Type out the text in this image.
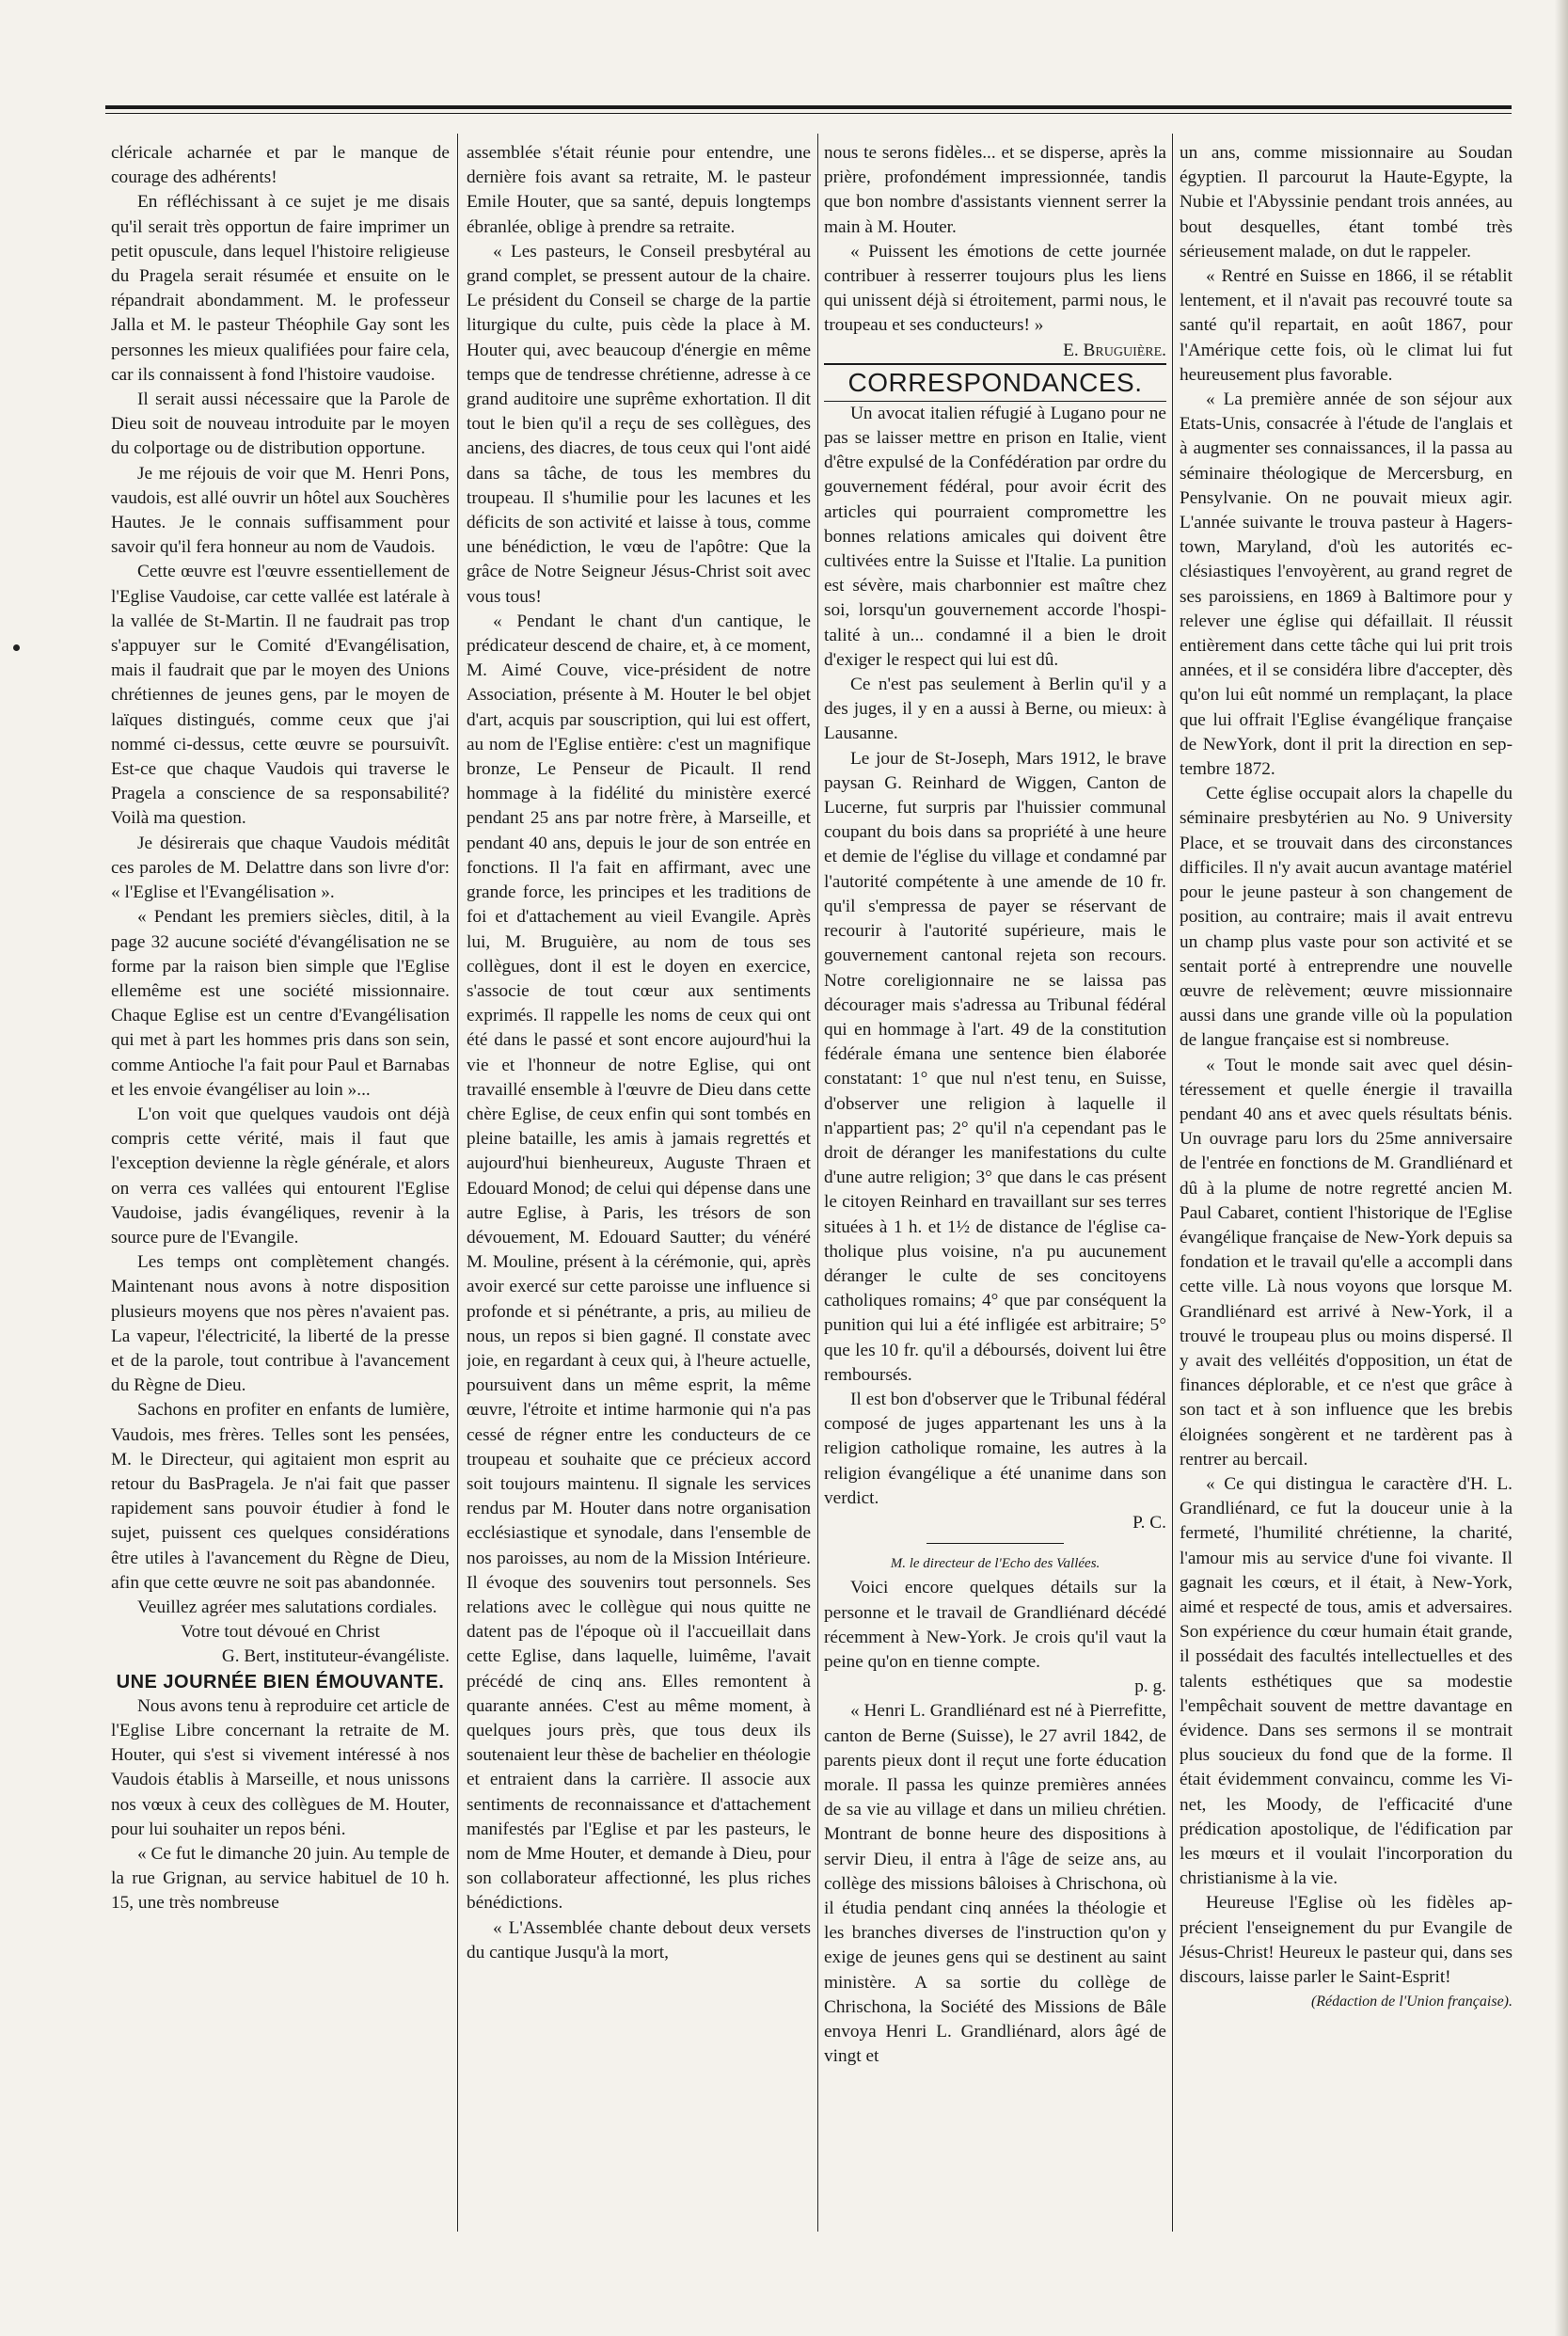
cléricale acharnée et par le manque de courage des adhérents!

En réfléchissant à ce sujet je me disais qu'il serait très opportun de faire imprimer un petit opuscule, dans lequel l'histoire religieuse du Pragela serait résumée et ensuite on le répandrait abondamment. M. le professeur Jalla et M. le pasteur Théophile Gay sont les personnes les mieux qualifiées pour faire cela, car ils connaissent à fond l'histoire vaudoise.

Il serait aussi nécessaire que la Parole de Dieu soit de nouveau introduite par le moyen du colportage ou de distribution opportune.

Je me réjouis de voir que M. Henri Pons, vaudois, est allé ouvrir un hôtel aux Souchères Hautes. Je le connais suffisamment pour savoir qu'il fera honneur au nom de Vaudois.

Cette œuvre est l'œuvre essentiellement de l'Eglise Vaudoise, car cette vallée est latérale à la vallée de St-Martin. Il ne faudrait pas trop s'appuyer sur le Comité d'Evangélisation, mais il faudrait que par le moyen des Unions chrétiennes de jeunes gens, par le moyen de laïques distingués, comme ceux que j'ai nommé ci-dessus, cette œuvre se poursuivît. Est-ce que chaque Vaudois qui traverse le Pragela a conscience de sa responsabilité? Voilà ma question.

Je désirerais que chaque Vaudois méditât ces paroles de M. Delattre dans son livre d'or: « l'Eglise et l'Evangélisation ».

« Pendant les premiers siècles, ditil, à la page 32 aucune société d'évangélisation ne se forme par la raison bien simple que l'Eglise ellemême est une société missionnaire. Chaque Eglise est un centre d'Evangélisation qui met à part les hommes pris dans son sein, comme Antioche l'a fait pour Paul et Barnabas et les envoie évangéliser au loin »...

L'on voit que quelques vaudois ont déjà compris cette vérité, mais il faut que l'exception devienne la règle générale, et alors on verra ces vallées qui entourent l'Eglise Vaudoise, jadis évangéliques, revenir à la source pure de l'Evangile.

Les temps ont complètement changés. Maintenant nous avons à notre disposition plusieurs moyens que nos pères n'avaient pas. La vapeur, l'électricité, la liberté de la presse et de la parole, tout contribue à l'avancement du Règne de Dieu.

Sachons en profiter en enfants de lumière, Vaudois, mes frères. Telles sont les pensées, M. le Directeur, qui agitaient mon esprit au retour du BasPragela. Je n'ai fait que passer rapidement sans pouvoir étudier à fond le sujet, puissent ces quelques considérations être utiles à l'avancement du Règne de Dieu, afin que cette œuvre ne soit pas abandonnée.

Veuillez agréer mes salutations cordiales.

Votre tout dévoué en Christ

G. Bert, instituteur-évangéliste.

UNE JOURNÉE BIEN ÉMOUVANTE.

Nous avons tenu à reproduire cet article de l'Eglise Libre concernant la retraite de M. Houter, qui s'est si vivement intéressé à nos Vaudois établis à Marseille, et nous unissons nos vœux à ceux des collègues de M. Houter, pour lui souhaiter un repos béni.

« Ce fut le dimanche 20 juin. Au temple de la rue Grignan, au service habituel de 10 h. 15, une très nombreuse

assemblée s'était réunie pour entendre, une dernière fois avant sa retraite, M. le pasteur Emile Houter, que sa santé, depuis longtemps ébranlée, oblige à prendre sa retraite.

« Les pasteurs, le Conseil presbytéral au grand complet, se pressent autour de la chaire. Le président du Conseil se charge de la partie liturgique du culte, puis cède la place à M. Houter qui, avec beaucoup d'énergie en même temps que de tendresse chrétienne, adresse à ce grand auditoire une suprême exhortation. Il dit tout le bien qu'il a reçu de ses collègues, des anciens, des diacres, de tous ceux qui l'ont aidé dans sa tâche, de tous les membres du troupeau. Il s'humilie pour les lacunes et les déficits de son activité et laisse à tous, comme une bénédiction, le vœu de l'apôtre: Que la grâce de Notre Seigneur Jésus-Christ soit avec vous tous!

« Pendant le chant d'un cantique, le prédicateur descend de chaire, et, à ce moment, M. Aimé Couve, vice-président de notre Association, présente à M. Houter le bel objet d'art, acquis par souscription, qui lui est offert, au nom de l'Eglise entière: c'est un magnifique bronze, Le Penseur de Picault. Il rend hommage à la fidélité du ministère exercé pendant 25 ans par notre frère, à Marseille, et pendant 40 ans, depuis le jour de son entrée en fonctions. Il l'a fait en affirmant, avec une grande force, les principes et les traditions de foi et d'attachement au vieil Evangile. Après lui, M. Bruguière, au nom de tous ses collègues, dont il est le doyen en exercice, s'associe de tout cœur aux sentiments exprimés. Il rappelle les noms de ceux qui ont été dans le passé et sont encore aujourd'hui la vie et l'honneur de notre Eglise, qui ont travaillé ensemble à l'œuvre de Dieu dans cette chère Eglise, de ceux enfin qui sont tombés en pleine bataille, les amis à jamais regrettés et aujourd'hui bienheureux, Auguste Thraen et Edouard Monod; de celui qui dépense dans une autre Eglise, à Paris, les trésors de son dévouement, M. Edouard Sautter; du vénéré M. Mouline, présent à la cérémonie, qui, après avoir exercé sur cette paroisse une influence si profonde et si pénétrante, a pris, au milieu de nous, un repos si bien gagné. Il constate avec joie, en regardant à ceux qui, à l'heure actuelle, poursuivent dans un même esprit, la même œuvre, l'étroite et intime harmonie qui n'a pas cessé de régner entre les conducteurs de ce troupeau et souhaite que ce précieux accord soit toujours maintenu. Il signale les services rendus par M. Houter dans notre organisation ecclésiastique et synodale, dans l'ensemble de nos paroisses, au nom de la Mission Intérieure. Il évoque des souvenirs tout personnels. Ses relations avec le collègue qui nous quitte ne datent pas de l'époque où il l'accueillait dans cette Eglise, dans laquelle, luimême, l'avait précédé de cinq ans. Elles remontent à quarante années. C'est au même moment, à quelques jours près, que tous deux ils soutenaient leur thèse de bachelier en théologie et entraient dans la carrière. Il associe aux sentiments de reconnaissance et d'attachement manifestés par l'Eglise et par les pasteurs, le nom de Mme Houter, et demande à Dieu, pour son collaborateur affectionné, les plus riches bénédictions.

« L'Assemblée chante debout deux versets du cantique Jusqu'à la mort,

nous te serons fidèles... et se disperse, après la prière, profondément impressionnée, tandis que bon nombre d'assistants viennent serrer la main à M. Houter.

« Puissent les émotions de cette journée contribuer à resserrer toujours plus les liens qui unissent déjà si étroitement, parmi nous, le troupeau et ses conducteurs! »

E. Bruguière.

CORRESPONDANCES.

Un avocat italien réfugié à Lugano pour ne pas se laisser mettre en prison en Italie, vient d'être expulsé de la Confédération par ordre du gouvernement fédéral, pour avoir écrit des articles qui pourraient compromettre les bonnes relations amicales qui doivent être cultivées entre la Suisse et l'Italie. La punition est sévère, mais charbonnier est maître chez soi, lorsqu'un gouvernement accorde l'hospitalité à un... condamné il a bien le droit d'exiger le respect qui lui est dû.

Ce n'est pas seulement à Berlin qu'il y a des juges, il y en a aussi à Berne, ou mieux: à Lausanne.

Le jour de St-Joseph, Mars 1912, le brave paysan G. Reinhard de Wiggen, Canton de Lucerne, fut surpris par l'huissier communal coupant du bois dans sa propriété à une heure et demie de l'église du village et condamné par l'autorité compétente à une amende de 10 fr. qu'il s'empressa de payer se réservant de recourir à l'autorité supérieure, mais le gouvernement cantonal rejeta son recours. Notre coreligionnaire ne se laissa pas décourager mais s'adressa au Tribunal fédéral qui en hommage à l'art. 49 de la constitution fédérale émana une sentence bien élaborée constatant: 1° que nul n'est tenu, en Suisse, d'observer une religion à laquelle il n'appartient pas; 2° qu'il n'a cependant pas le droit de déranger les manifestations du culte d'une autre religion; 3° que dans le cas présent le citoyen Reinhard en travaillant sur ses terres situées à 1 h. et 1½ de distance de l'église catholique plus voisine, n'a pu aucunement déranger le culte de ses concitoyens catholiques romains; 4° que par conséquent la punition qui lui a été infligée est arbitraire; 5° que les 10 fr. qu'il a déboursés, doivent lui être remboursés.

Il est bon d'observer que le Tribunal fédéral composé de juges appartenant les uns à la religion catholique romaine, les autres à la religion évangélique a été unanime dans son verdict.

P. C.

M. le directeur de l'Echo des Vallées.

Voici encore quelques détails sur la personne et le travail de Grandliénard décédé récemment à New-York. Je crois qu'il vaut la peine qu'on en tienne compte.

p. g.

« Henri L. Grandliénard est né à Pierrefitte, canton de Berne (Suisse), le 27 avril 1842, de parents pieux dont il reçut une forte éducation morale. Il passa les quinze premières années de sa vie au village et dans un milieu chrétien. Montrant de bonne heure des dispositions à servir Dieu, il entra à l'âge de seize ans, au collège des missions bâloises à Chrischona, où il étudia pendant cinq années la théologie et les branches diverses de l'instruction qu'on y exige de jeunes gens qui se destinent au saint ministère. A sa sortie du collège de Chrischona, la Société des Missions de Bâle envoya Henri L. Grandliénard, alors âgé de vingt et

un ans, comme missionnaire au Soudan égyptien. Il parcourut la Haute-Egypte, la Nubie et l'Abyssinie pendant trois années, au bout desquelles, étant tombé très sérieusement malade, on dut le rappeler.

« Rentré en Suisse en 1866, il se rétablit lentement, et il n'avait pas recouvré toute sa santé qu'il repartait, en août 1867, pour l'Amérique cette fois, où le climat lui fut heureusement plus favorable.

« La première année de son séjour aux Etats-Unis, consacrée à l'étude de l'anglais et à augmenter ses connaissances, il la passa au séminaire théologique de Mercersburg, en Pensylvanie. On ne pouvait mieux agir. L'année suivante le trouva pasteur à Hagerstown, Maryland, d'où les autorités ecclésiastiques l'envoyèrent, au grand regret de ses paroissiens, en 1869 à Baltimore pour y relever une église qui défaillait. Il réussit entièrement dans cette tâche qui lui prit trois années, et il se considéra libre d'accepter, dès qu'on lui eût nommé un remplaçant, la place que lui offrait l'Eglise évangélique française de NewYork, dont il prit la direction en septembre 1872.

Cette église occupait alors la chapelle du séminaire presbytérien au No. 9 University Place, et se trouvait dans des circonstances difficiles. Il n'y avait aucun avantage matériel pour le jeune pasteur à son changement de position, au contraire; mais il avait entrevu un champ plus vaste pour son activité et se sentait porté à entreprendre une nouvelle œuvre de relèvement; œuvre missionnaire aussi dans une grande ville où la population de langue française est si nombreuse.

« Tout le monde sait avec quel désintéressement et quelle énergie il travailla pendant 40 ans et avec quels résultats bénis. Un ouvrage paru lors du 25me anniversaire de l'entrée en fonctions de M. Grandliénard et dû à la plume de notre regretté ancien M. Paul Cabaret, contient l'historique de l'Eglise évangélique française de New-York depuis sa fondation et le travail qu'elle a accompli dans cette ville. Là nous voyons que lorsque M. Grandliénard est arrivé à New-York, il a trouvé le troupeau plus ou moins dispersé. Il y avait des velléités d'opposition, un état de finances déplorable, et ce n'est que grâce à son tact et à son influence que les brebis éloignées songèrent et ne tardèrent pas à rentrer au bercail.

« Ce qui distingua le caractère d'H. L. Grandliénard, ce fut la douceur unie à la fermeté, l'humilité chrétienne, la charité, l'amour mis au service d'une foi vivante. Il gagnait les cœurs, et il était, à New-York, aimé et respecté de tous, amis et adversaires. Son expérience du cœur humain était grande, il possédait des facultés intellectuelles et des talents esthétiques que sa modestie l'empêchait souvent de mettre davantage en évidence. Dans ses sermons il se montrait plus soucieux du fond que de la forme. Il était évidemment convaincu, comme les Vinet, les Moody, de l'efficacité d'une prédication apostolique, de l'édification par les mœurs et il voulait l'incorporation du christianisme à la vie.

Heureuse l'Eglise où les fidèles apprécient l'enseignement du pur Evangile de Jésus-Christ! Heureux le pasteur qui, dans ses discours, laisse parler le Saint-Esprit!

(Rédaction de l'Union française).
